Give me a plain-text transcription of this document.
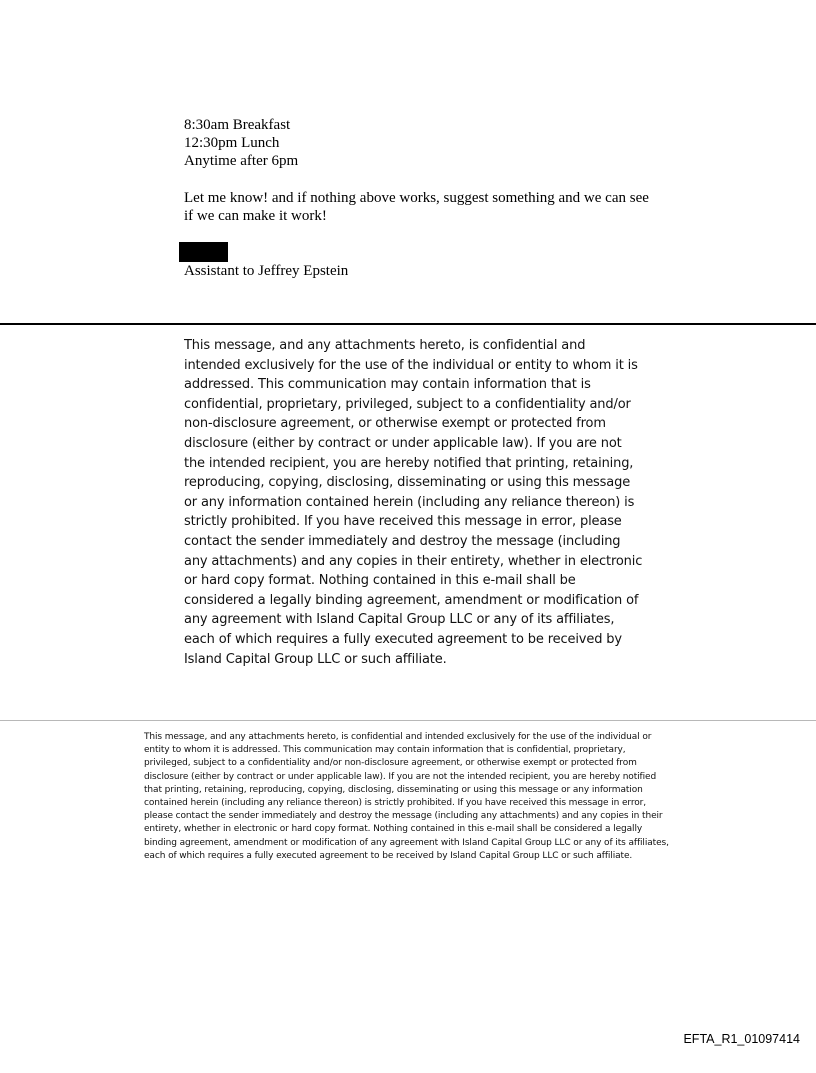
8:30am Breakfast
12:30pm Lunch
Anytime after 6pm
Let me know! and if nothing above works, suggest something and we can see if we can make it work!
Assistant to Jeffrey Epstein
This message, and any attachments hereto, is confidential and intended exclusively for the use of the individual or entity to whom it is addressed. This communication may contain information that is confidential, proprietary, privileged, subject to a confidentiality and/or non-disclosure agreement, or otherwise exempt or protected from disclosure (either by contract or under applicable law). If you are not the intended recipient, you are hereby notified that printing, retaining, reproducing, copying, disclosing, disseminating or using this message or any information contained herein (including any reliance thereon) is strictly prohibited. If you have received this message in error, please contact the sender immediately and destroy the message (including any attachments) and any copies in their entirety, whether in electronic or hard copy format. Nothing contained in this e-mail shall be considered a legally binding agreement, amendment or modification of any agreement with Island Capital Group LLC or any of its affiliates, each of which requires a fully executed agreement to be received by Island Capital Group LLC or such affiliate.
This message, and any attachments hereto, is confidential and intended exclusively for the use of the individual or entity to whom it is addressed. This communication may contain information that is confidential, proprietary, privileged, subject to a confidentiality and/or non-disclosure agreement, or otherwise exempt or protected from disclosure (either by contract or under applicable law). If you are not the intended recipient, you are hereby notified that printing, retaining, reproducing, copying, disclosing, disseminating or using this message or any information contained herein (including any reliance thereon) is strictly prohibited. If you have received this message in error, please contact the sender immediately and destroy the message (including any attachments) and any copies in their entirety, whether in electronic or hard copy format. Nothing contained in this e-mail shall be considered a legally binding agreement, amendment or modification of any agreement with Island Capital Group LLC or any of its affiliates, each of which requires a fully executed agreement to be received by Island Capital Group LLC or such affiliate.
EFTA_R1_01097414
